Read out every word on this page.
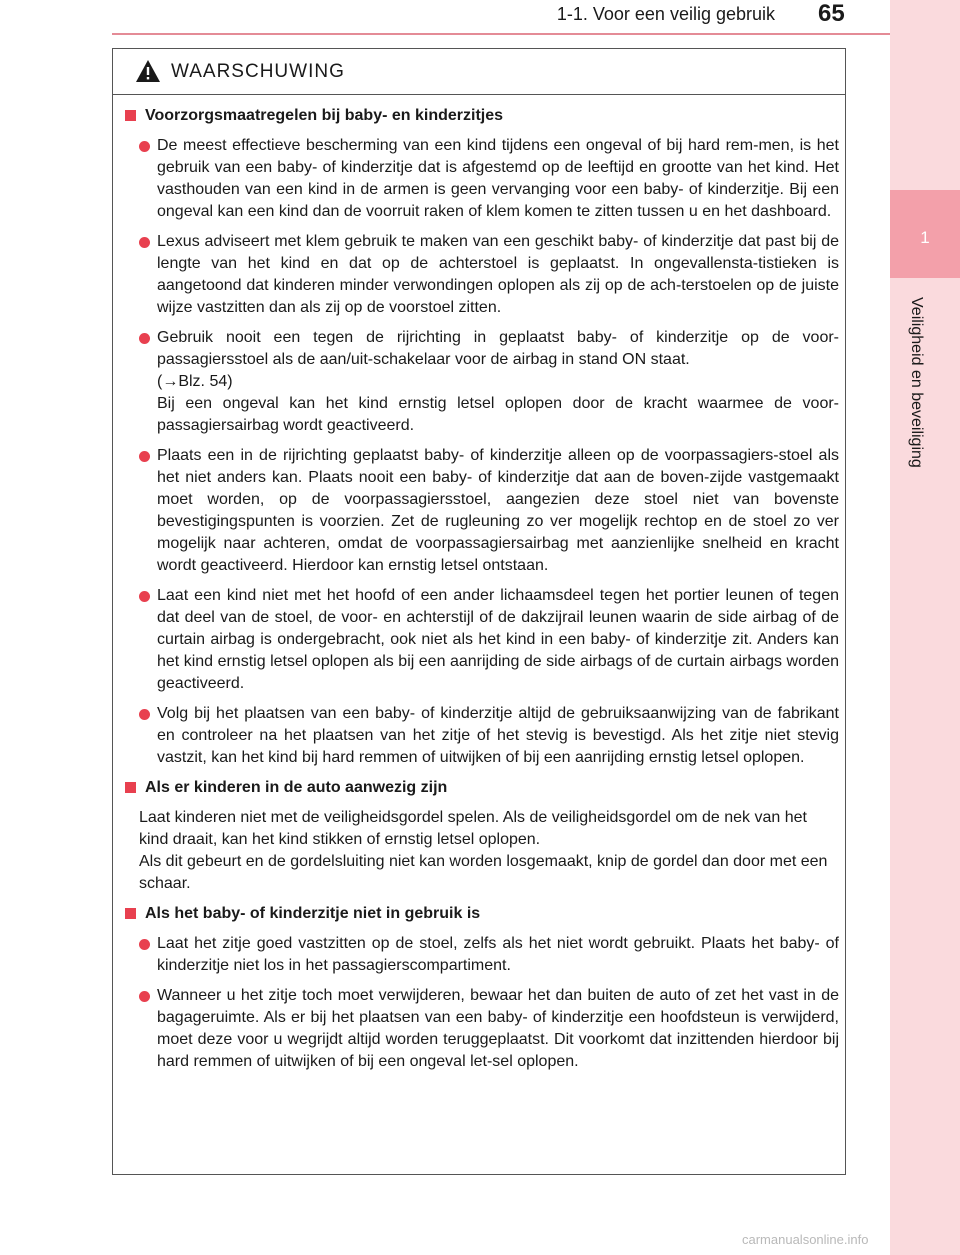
1-1. Voor een veilig gebruik 65
1
Veiligheid en beveiliging
WAARSCHUWING
Voorzorgsmaatregelen bij baby- en kinderzitjes
De meest effectieve bescherming van een kind tijdens een ongeval of bij hard rem-men, is het gebruik van een baby- of kinderzitje dat is afgestemd op de leeftijd en grootte van het kind. Het vasthouden van een kind in de armen is geen vervanging voor een baby- of kinderzitje. Bij een ongeval kan een kind dan de voorruit raken of klem komen te zitten tussen u en het dashboard.
Lexus adviseert met klem gebruik te maken van een geschikt baby- of kinderzitje dat past bij de lengte van het kind en dat op de achterstoel is geplaatst. In ongevallensta-tistieken is aangetoond dat kinderen minder verwondingen oplopen als zij op de ach-terstoelen op de juiste wijze vastzitten dan als zij op de voorstoel zitten.
Gebruik nooit een tegen de rijrichting in geplaatst baby- of kinderzitje op de voor-passagiersstoel als de aan/uit-schakelaar voor de airbag in stand ON staat.
(→Blz. 54)
Bij een ongeval kan het kind ernstig letsel oplopen door de kracht waarmee de voor-passagiersairbag wordt geactiveerd.
Plaats een in de rijrichting geplaatst baby- of kinderzitje alleen op de voorpassagiers-stoel als het niet anders kan. Plaats nooit een baby- of kinderzitje dat aan de boven-zijde vastgemaakt moet worden, op de voorpassagiersstoel, aangezien deze stoel niet van bovenste bevestigingspunten is voorzien. Zet de rugleuning zo ver mogelijk rechtop en de stoel zo ver mogelijk naar achteren, omdat de voorpassagiersairbag met aanzienlijke snelheid en kracht wordt geactiveerd. Hierdoor kan ernstig letsel ontstaan.
Laat een kind niet met het hoofd of een ander lichaamsdeel tegen het portier leunen of tegen dat deel van de stoel, de voor- en achterstijl of de dakzijrail leunen waarin de side airbag of de curtain airbag is ondergebracht, ook niet als het kind in een baby- of kinderzitje zit. Anders kan het kind ernstig letsel oplopen als bij een aanrijding de side airbags of de curtain airbags worden geactiveerd.
Volg bij het plaatsen van een baby- of kinderzitje altijd de gebruiksaanwijzing van de fabrikant en controleer na het plaatsen van het zitje of het stevig is bevestigd. Als het zitje niet stevig vastzit, kan het kind bij hard remmen of uitwijken of bij een aanrijding ernstig letsel oplopen.
Als er kinderen in de auto aanwezig zijn
Laat kinderen niet met de veiligheidsgordel spelen. Als de veiligheidsgordel om de nek van het kind draait, kan het kind stikken of ernstig letsel oplopen.
Als dit gebeurt en de gordelsluiting niet kan worden losgemaakt, knip de gordel dan door met een schaar.
Als het baby- of kinderzitje niet in gebruik is
Laat het zitje goed vastzitten op de stoel, zelfs als het niet wordt gebruikt. Plaats het baby- of kinderzitje niet los in het passagierscompartiment.
Wanneer u het zitje toch moet verwijderen, bewaar het dan buiten de auto of zet het vast in de bagageruimte. Als er bij het plaatsen van een baby- of kinderzitje een hoofdsteun is verwijderd, moet deze voor u wegrijdt altijd worden teruggeplaatst. Dit voorkomt dat inzittenden hierdoor bij hard remmen of uitwijken of bij een ongeval let-sel oplopen.
carmanualsonline.info
